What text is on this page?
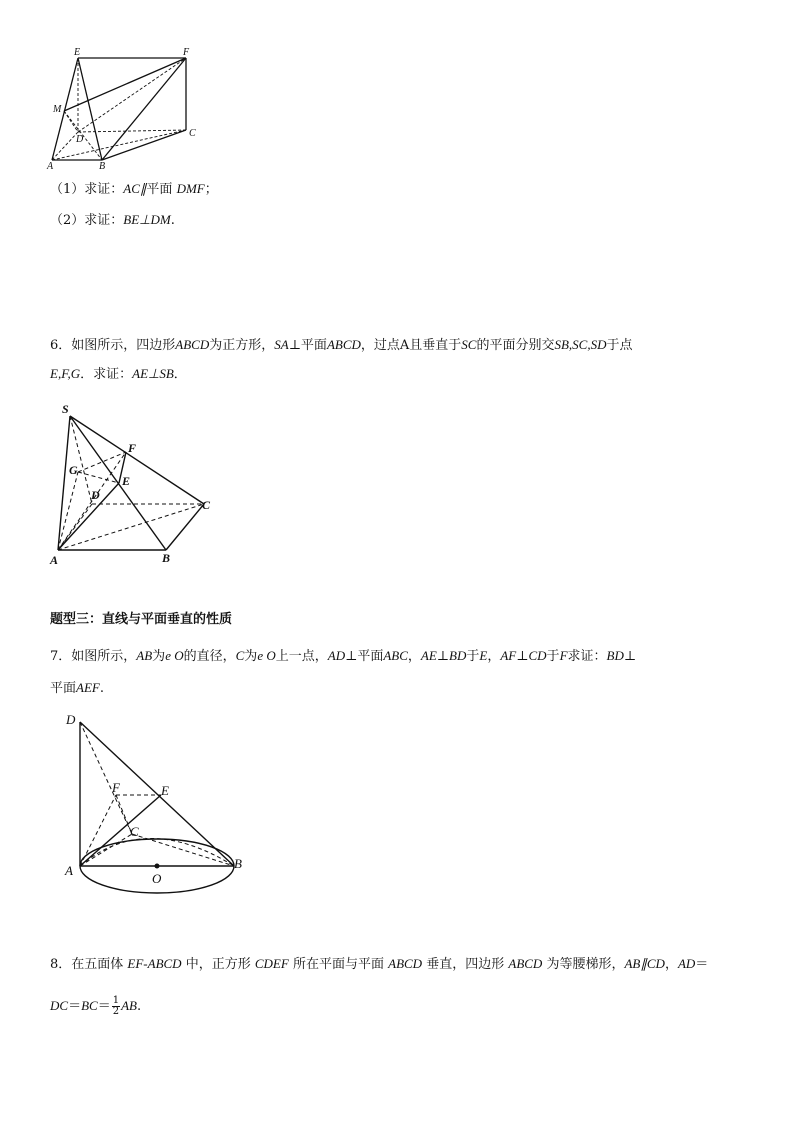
E	F
M
D
C
A	B
（1）求证：AC∥平面 DMF；
（2）求证：BE⊥DM.
6．如图所示，四边形ABCD为正方形，SA⊥平面ABCD，过点A且垂直于SC的平面分别交SB,SC,SD于点
E,F,G．求证：AE⊥SB．
S
F
G
E
D
C
A	B
题型三：直线与平面垂直的性质
7．如图所示，AB为e O的直径，C为e O上一点，AD⊥平面ABC，AE⊥BD于E，AF⊥CD于F求证：BD⊥
平面AEF.
D
F	E
C
A
O
B
8．在五面体 EF-ABCD 中，正方形 CDEF 所在平面与平面 ABCD 垂直，四边形 ABCD 为等腰梯形，AB∥CD，AD＝
$DC=BC= \frac{1}{2}$ AB.
